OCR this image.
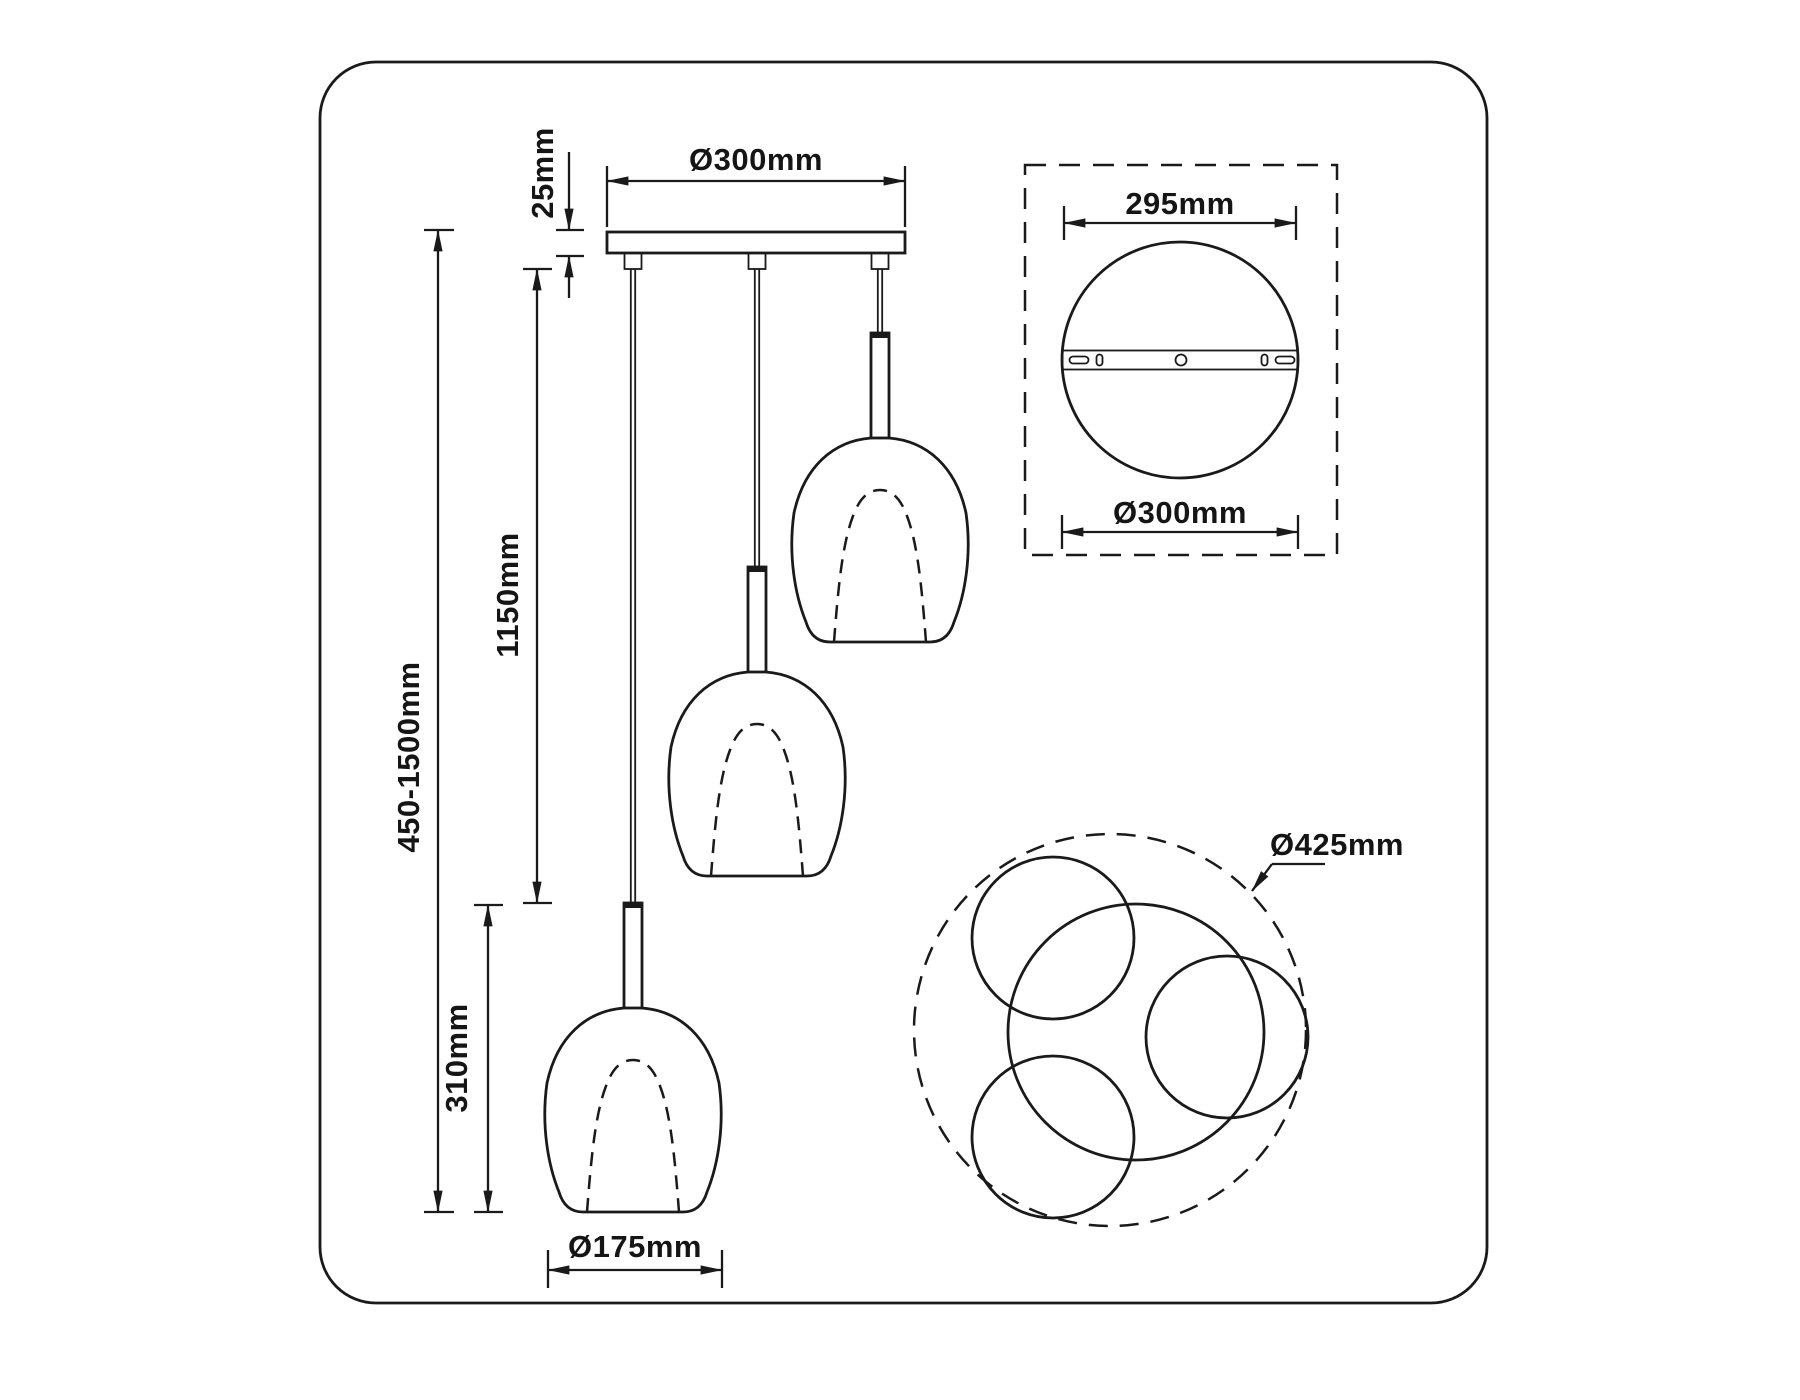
Ø300mm
25mm
450-1500mm
1150mm
310mm
Ø175mm
295mm
Ø300mm
Ø425mm
